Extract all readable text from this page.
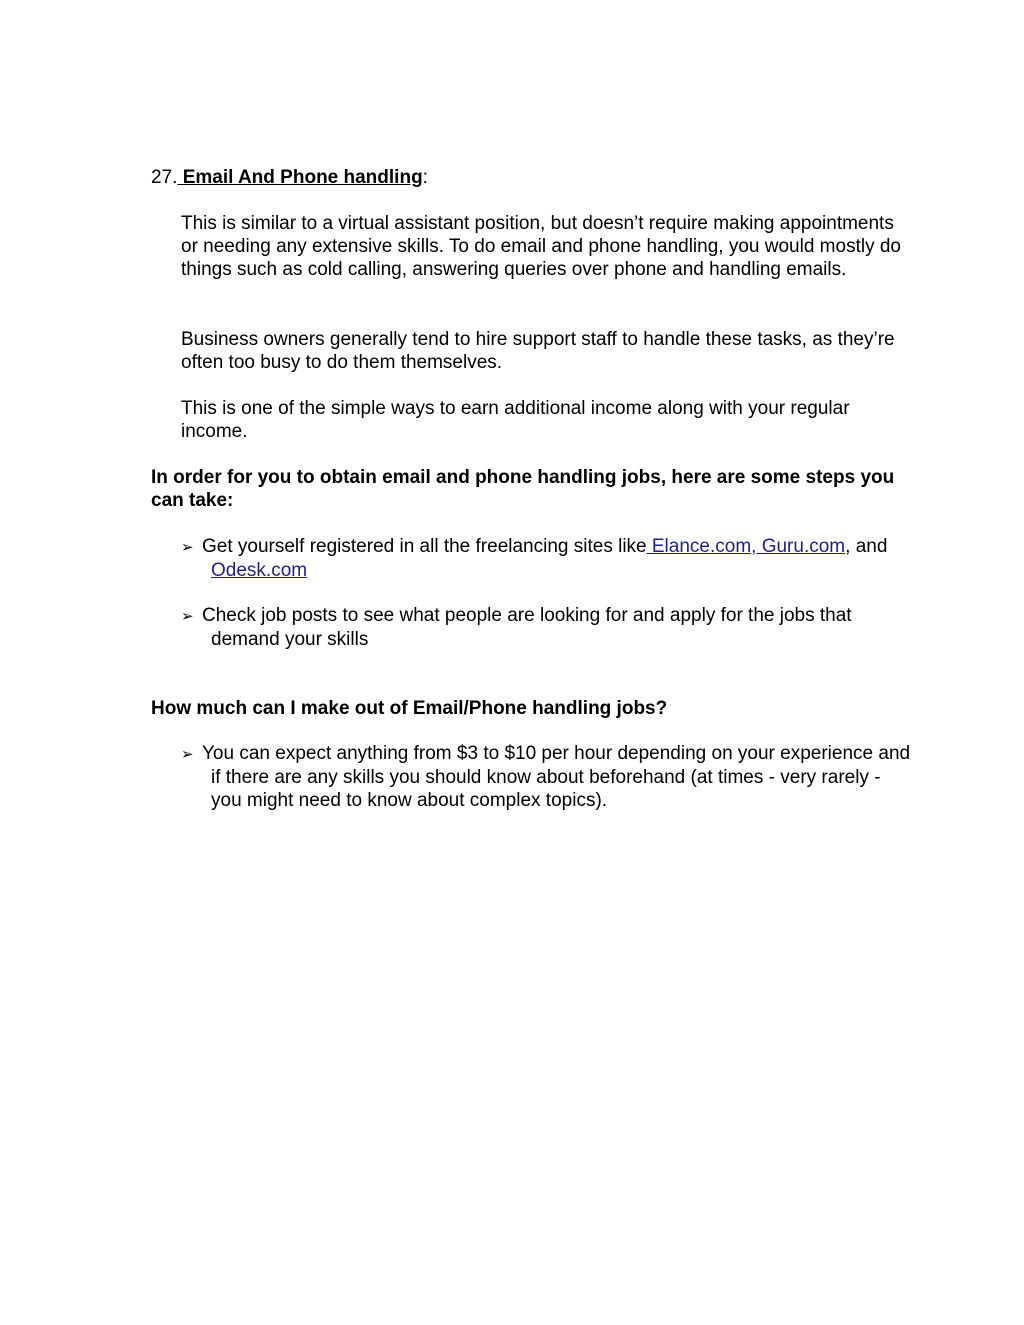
27. Email And Phone handling:

This is similar to a virtual assistant position, but doesn’t require making appointments or needing any extensive skills. To do email and phone handling, you would mostly do things such as cold calling, answering queries over phone and handling emails.

Business owners generally tend to hire support staff to handle these tasks, as they’re often too busy to do them themselves.

This is one of the simple ways to earn additional income along with your regular income.

In order for you to obtain email and phone handling jobs, here are some steps you can take:

➢ Get yourself registered in all the freelancing sites like Elance.com, Guru.com, and Odesk.com

➢ Check job posts to see what people are looking for and apply for the jobs that demand your skills

How much can I make out of Email/Phone handling jobs?

➢ You can expect anything from $3 to $10 per hour depending on your experience and if there are any skills you should know about beforehand (at times - very rarely - you might need to know about complex topics).
